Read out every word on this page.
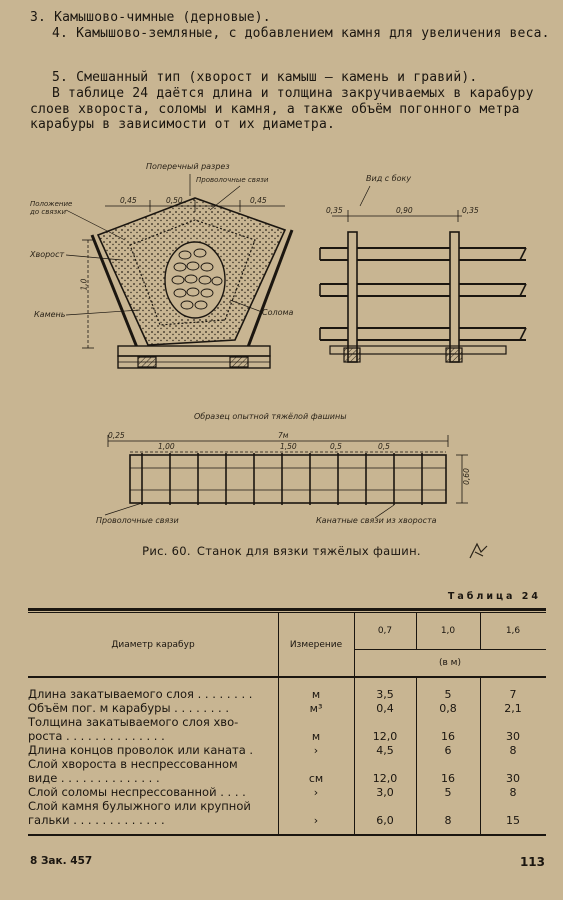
3. Камышово-чимные (дерновые).
4. Камышово-земляные, с добавлением камня для увеличения веса.
5. Смешанный тип (хворост и камыш — камень и гравий).
В таблице 24 даётся длина и толщина закручиваемых в карабуру слоев хвороста, соломы и камня, а также объём погонного метра карабуры в зависимости от их диаметра.
Поперечный разрез
Проволочные связи
Положение до связки
Хворост
Камень	Солома
0,45	0,50	0,45
1,0
Вид с боку
0,35	0,90	0,35
Образец опытной тяжёлой фашины
0,25	7м
1,00	1,50	0,5	0,5
0,60
Проволочные связи	Канатные связи из хвороста
Рис. 60. Станок для вязки тяжёлых фашин.
Таблица 24
Диаметр карабур	Измерение
0,7	1,0	1,6
(в м)
Длина закатываемого слоя . . . . . . . .	м	3,5	5	7
Объём пог. м карабуры . . . . . . . .	м³	0,4	0,8	2,1
Толщина закатываемого слоя хво-
роста . . . . . . . . . . . . . .	м	12,0	16	30
Длина концов проволок или каната .	›	4,5	6	8
Слой хвороста в неспрессованном
виде . . . . . . . . . . . . . .	см	12,0	16	30
Слой соломы неспрессованной . . . .	›	3,0	5	8
Слой камня булыжного или крупной
гальки . . . . . . . . . . . . .	›	6,0	8	15
8 Зак. 457	113
